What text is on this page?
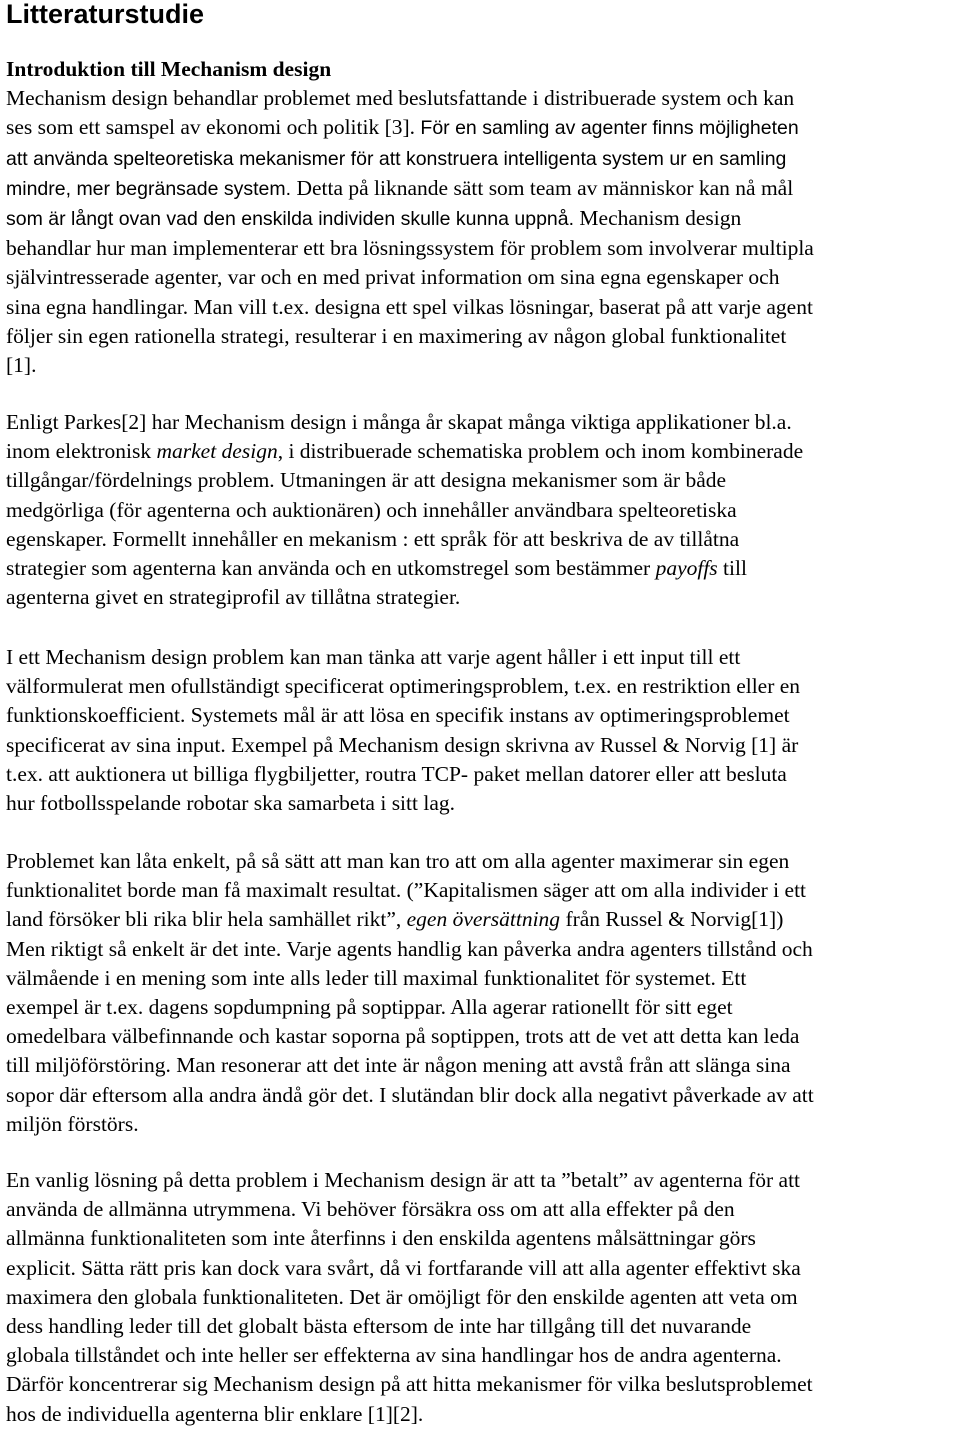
Litteraturstudie
Introduktion till Mechanism design
Mechanism design behandlar problemet med beslutsfattande i distribuerade system och kan
ses som ett samspel av ekonomi och politik [3]. För en samling av agenter finns möjligheten
att använda spelteoretiska mekanismer för att konstruera intelligenta system ur en samling
mindre, mer begränsade system. Detta på liknande sätt som team av människor kan nå mål
som är långt ovan vad den enskilda individen skulle kunna uppnå. Mechanism design
behandlar hur man implementerar ett bra lösningssystem för problem som involverar multipla
självintresserade agenter, var och en med privat information om sina egna egenskaper och
sina egna handlingar. Man vill t.ex. designa ett spel vilkas lösningar, baserat på att varje agent
följer sin egen rationella strategi, resulterar i en maximering av någon global funktionalitet
[1].
Enligt Parkes[2] har Mechanism design i många år skapat många viktiga applikationer bl.a.
inom elektronisk market design, i distribuerade schematiska problem och inom kombinerade
tillgångar/fördelnings problem. Utmaningen är att designa mekanismer som är både
medgörliga (för agenterna och auktionären) och innehåller användbara spelteoretiska
egenskaper. Formellt innehåller en mekanism : ett språk för att beskriva de av tillåtna
strategier som agenterna kan använda och en utkomstregel som bestämmer payoffs till
agenterna givet en strategiprofil av tillåtna strategier.
I ett Mechanism design problem kan man tänka att varje agent håller i ett input till ett
välformulerat men ofullständigt specificerat optimeringsproblem, t.ex. en restriktion eller en
funktionskoefficient. Systemets mål är att lösa en specifik instans av optimeringsproblemet
specificerat av sina input. Exempel på Mechanism design skrivna av Russel & Norvig [1] är
t.ex. att auktionera ut billiga flygbiljetter, routra TCP- paket mellan datorer eller att besluta
hur fotbollsspelande robotar ska samarbeta i sitt lag.
Problemet kan låta enkelt, på så sätt att man kan tro att om alla agenter maximerar sin egen
funktionalitet borde man få maximalt resultat. (”Kapitalismen säger att om alla individer i ett
land försöker bli rika blir hela samhället rikt”, egen översättning från Russel & Norvig[1])
Men riktigt så enkelt är det inte. Varje agents handlig kan påverka andra agenters tillstånd och
välmående i en mening som inte alls leder till maximal funktionalitet för systemet. Ett
exempel är t.ex. dagens sopdumpning på soptippar. Alla agerar rationellt för sitt eget
omedelbara välbefinnande och kastar soporna på soptippen, trots att de vet att detta kan leda
till miljöförstöring. Man resonerar att det inte är någon mening att avstå från att slänga sina
sopor där eftersom alla andra ändå gör det. I slutändan blir dock alla negativt påverkade av att
miljön förstörs.
En vanlig lösning på detta problem i Mechanism design är att ta ”betalt” av agenterna för att
använda de allmänna utrymmena. Vi behöver försäkra oss om att alla effekter på den
allmänna funktionaliteten som inte återfinns i den enskilda agentens målsättningar görs
explicit. Sätta rätt pris kan dock vara svårt, då vi fortfarande vill att alla agenter effektivt ska
maximera den globala funktionaliteten. Det är omöjligt för den enskilde agenten att veta om
dess handling leder till det globalt bästa eftersom de inte har tillgång till det nuvarande
globala tillståndet och inte heller ser effekterna av sina handlingar hos de andra agenterna.
Därför koncentrerar sig Mechanism design på att hitta mekanismer för vilka beslutsproblemet
hos de individuella agenterna blir enklare [1][2].
